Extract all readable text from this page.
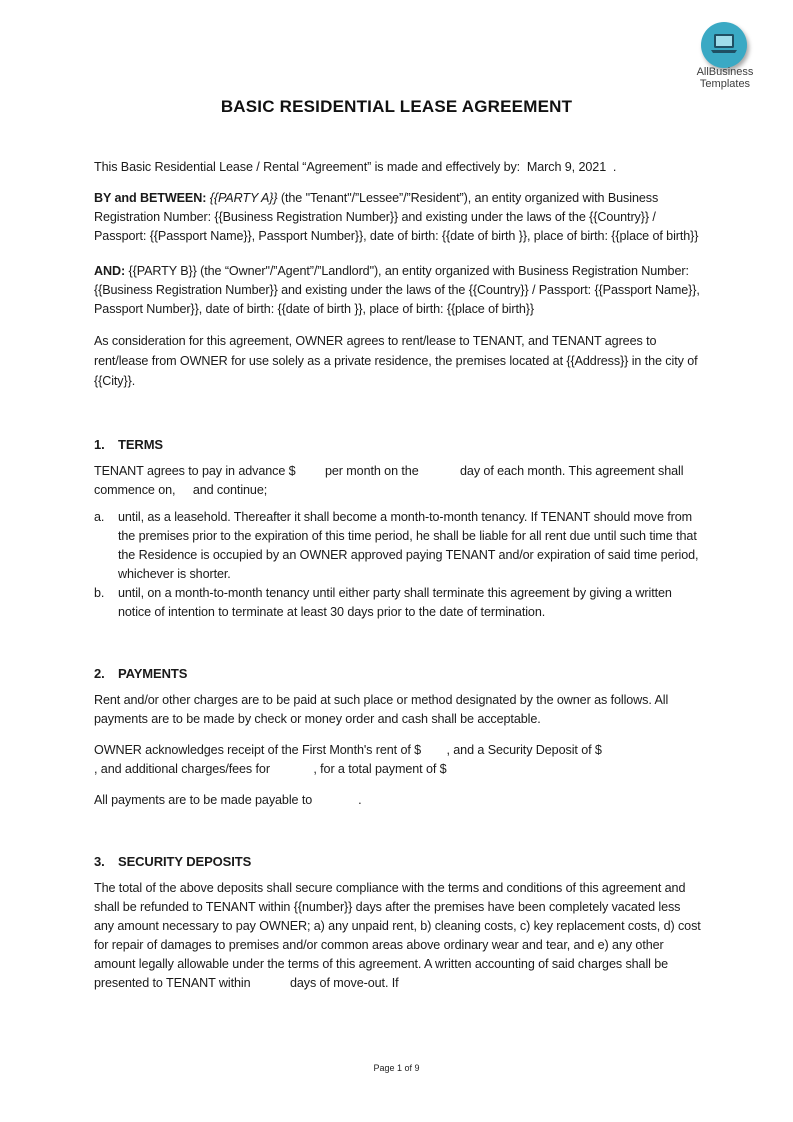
AllBusiness
Templates
BASIC RESIDENTIAL LEASE AGREEMENT

This Basic Residential Lease / Rental “Agreement” is made and effectively by: March 9, 2021 .

BY and BETWEEN: {{PARTY A}} (the "Tenant"/”Lessee”/”Resident”), an entity organized with Business Registration Number: {{Business Registration Number}} and existing under the laws of the {{Country}} / Passport: {{Passport Name}}, Passport Number}}, date of birth: {{date of birth }}, place of birth: {{place of birth}}

AND: {{PARTY B}} (the “Owner"/”Agent”/”Landlord"), an entity organized with Business Registration Number: {{Business Registration Number}} and existing under the laws of the {{Country}} / Passport: {{Passport Name}}, Passport Number}}, date of birth: {{date of birth }}, place of birth: {{place of birth}}

As consideration for this agreement, OWNER agrees to rent/lease to TENANT, and TENANT agrees to rent/lease from OWNER for use solely as a private residence, the premises located at {{Address}} in the city of {{City}}.

1.	TERMS

TENANT agrees to pay in advance $ per month on the	day of each month. This agreement shall commence on, and continue;

a.	until, as a leasehold. Thereafter it shall become a month-to-month tenancy. If TENANT should move from the premises prior to the expiration of this time period, he shall be liable for all rent due until such time that the Residence is occupied by an OWNER approved paying TENANT and/or expiration of said time period, whichever is shorter.
b.	until, on a month-to-month tenancy until either party shall terminate this agreement by giving a written notice of intention to terminate at least 30 days prior to the date of termination.
2.	PAYMENTS

Rent and/or other charges are to be paid at such place or method designated by the owner as follows. All payments are to be made by check or money order and cash shall be acceptable.

OWNER acknowledges receipt of the First Month's rent of $ , and a Security Deposit of $
, and additional charges/fees for	, for a total payment of $

All payments are to be made payable to	.

3.	SECURITY DEPOSITS

The total of the above deposits shall secure compliance with the terms and conditions of this agreement and shall be refunded to TENANT within {{number}} days after the premises have been completely vacated less any amount necessary to pay OWNER; a) any unpaid rent, b) cleaning costs, c) key replacement costs, d) cost for repair of damages to premises and/or common areas above ordinary wear and tear, and e) any other amount legally allowable under the terms of this agreement. A written accounting of said charges shall be presented to TENANT within	days of move-out. If

Page 1 of 9
